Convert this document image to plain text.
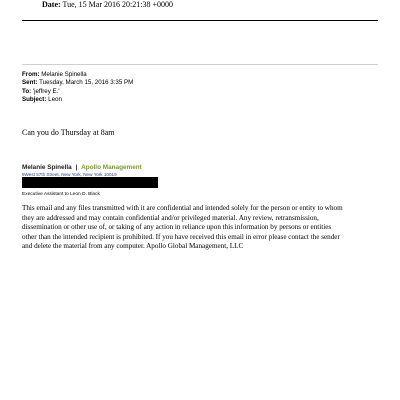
Date: Tue, 15 Mar 2016 20:21:38 +0000
From: Melanie Spinella
Sent: Tuesday, March 15, 2016 3:35 PM
To: 'jeffrey E.'
Subject: Leon
Can you do Thursday at 8am
Melanie Spinella | Apollo Management
9West 57th Street, New York, New York 10019
Executive Assistant to Leon D. Black
This email and any files transmitted with it are confidential and intended solely for the person or entity to whom
they are addressed and may contain confidential and/or privileged material. Any review, retransmission,
dissemination or other use of, or taking of any action in reliance upon this information by persons or entities
other than the intended recipient is prohibited. If you have received this email in error please contact the sender
and delete the material from any computer. Apollo Global Management, LLC
